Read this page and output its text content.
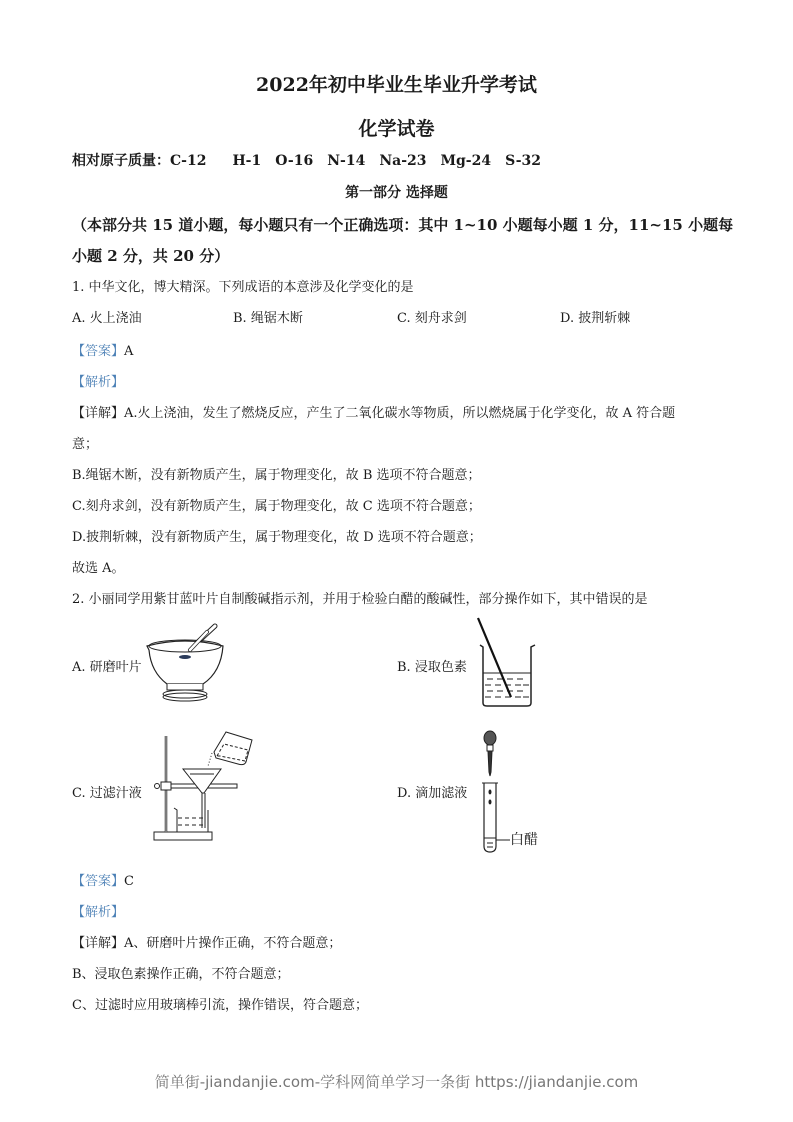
2022年初中毕业生毕业升学考试
化学试卷
相对原子质量：C-12 H-1 O-16 N-14 Na-23 Mg-24 S-32
第一部分 选择题
（本部分共 15 道小题，每小题只有一个正确选项：其中 1~10 小题每小题 1 分，11~15 小题每
小题 2 分，共 20 分）
1. 中华文化，博大精深。下列成语的本意涉及化学变化的是
A. 火上浇油	B. 绳锯木断	C. 刻舟求剑	D. 披荆斩棘
【答案】A
【解析】
【详解】A.火上浇油，发生了燃烧反应，产生了二氧化碳水等物质，所以燃烧属于化学变化，故 A 符合题
意；
B.绳锯木断，没有新物质产生，属于物理变化，故 B 选项不符合题意；
C.刻舟求剑，没有新物质产生，属于物理变化，故 C 选项不符合题意；
D.披荆斩棘，没有新物质产生，属于物理变化，故 D 选项不符合题意；
故选 A。
2. 小丽同学用紫甘蓝叶片自制酸碱指示剂，并用于检验白醋的酸碱性，部分操作如下，其中错误的是
A. 研磨叶片	B. 浸取色素
C. 过滤汁液	D. 滴加滤液
白醋
【答案】C
【解析】
【详解】A、研磨叶片操作正确，不符合题意；
B、浸取色素操作正确，不符合题意；
C、过滤时应用玻璃棒引流，操作错误，符合题意；
简单街-jiandanjie.com-学科网简单学习一条街 https://jiandanjie.com
